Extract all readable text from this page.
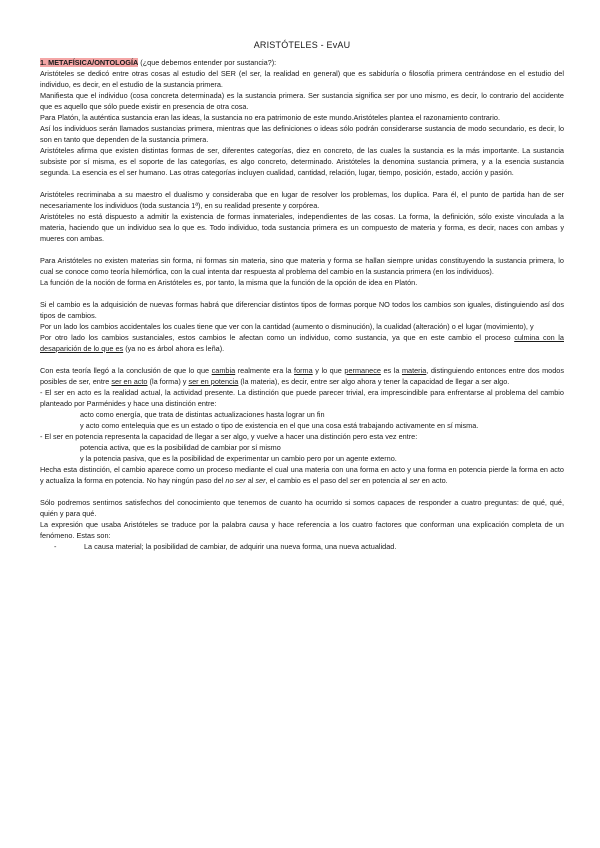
ARISTÓTELES - EvAU

1. METAFÍSICA/ONTOLOGÍA (¿que debemos entender por sustancia?):

Aristóteles se dedicó entre otras cosas al estudio del SER (el ser, la realidad en general) que es sabiduría o filosofía primera centrándose en el estudio del individuo, es decir, en el estudio de la sustancia primera.

Manifiesta que el individuo (cosa concreta determinada) es la sustancia primera. Ser sustancia significa ser por uno mismo, es decir, lo contrario del accidente que es aquello que sólo puede existir en presencia de otra cosa.

Para Platón, la auténtica sustancia eran las ideas, la sustancia no era patrimonio de este mundo.Aristóteles plantea el razonamiento contrario.

Así los individuos serán llamados sustancias primera, mientras que las definiciones o ideas sólo podrán considerarse sustancia de modo secundario, es decir, lo son en tanto que dependen de la sustancia primera.

Aristóteles afirma que existen distintas formas de ser, diferentes categorías, diez en concreto, de las cuales la sustancia es la más importante. La sustancia subsiste por sí misma, es el soporte de las categorías, es algo concreto, determinado. Aristóteles la denomina sustancia primera, y a la esencia sustancia segunda. La esencia es el ser humano. Las otras categorías incluyen cualidad, cantidad, relación, lugar, tiempo, posición, estado, acción y pasión.

Aristóteles recriminaba a su maestro el dualismo y consideraba que en lugar de resolver los problemas, los duplica. Para él, el punto de partida han de ser necesariamente los individuos (toda sustancia 1ª), en su realidad presente y corpórea.

Aristóteles no está dispuesto a admitir la existencia de formas inmateriales, independientes de las cosas. La forma, la definición, sólo existe vinculada a la materia, haciendo que un individuo sea lo que es. Todo individuo, toda sustancia primera es un compuesto de materia y forma, es decir, naces con ambas y mueres con ambas.

Para Aristóteles no existen materias sin forma, ni formas sin materia, sino que materia y forma se hallan siempre unidas constituyendo la sustancia primera, lo cual se conoce como teoría hilemórfica, con la cual intenta dar respuesta al problema del cambio en la sustancia primera (en los individuos).

La función de la noción de forma en Aristóteles es, por tanto, la misma que la función de la opción de idea en Platón.

Si el cambio es la adquisición de nuevas formas habrá que diferenciar distintos tipos de formas porque NO todos los cambios son iguales, distinguiendo así dos tipos de cambios.

Por un lado los cambios accidentales los cuales tiene que ver con la cantidad (aumento o disminución), la cualidad (alteración) o el lugar (movimiento), y

Por otro lado los cambios sustanciales, estos cambios le afectan como un individuo, como sustancia, ya que en este cambio el proceso culmina con la desaparición de lo que es (ya no es árbol ahora es leña).

Con esta teoría llegó a la conclusión de que lo que cambia realmente era la forma y lo que permanece es la materia, distinguiendo entonces entre dos modos posibles de ser, entre ser en acto (la forma) y ser en potencia (la materia), es decir, entre ser algo ahora y tener la capacidad de llegar a ser algo.

- El ser en acto es la realidad actual, la actividad presente. La distinción que puede parecer trivial, era imprescindible para enfrentarse al problema del cambio planteado por Parménides y hace una distinción entre:

acto como energía, que trata de distintas actualizaciones hasta lograr un fin

y acto como entelequia que es un estado o tipo de existencia en el que una cosa está trabajando activamente en sí misma.

- El ser en potencia representa la capacidad de llegar a ser algo, y vuelve a hacer una distinción pero esta vez entre:

potencia activa, que es la posibilidad de cambiar por sí mismo

y la potencia pasiva, que es la posibilidad de experimentar un cambio pero por un agente externo.

Hecha esta distinción, el cambio aparece como un proceso mediante el cual una materia con una forma en acto y una forma en potencia pierde la forma en acto y actualiza la forma en potencia. No hay ningún paso del no ser al ser, el cambio es el paso del ser en potencia al ser en acto.

Sólo podremos sentirnos satisfechos del conocimiento que tenemos de cuanto ha ocurrido si somos capaces de responder a cuatro preguntas: de qué, qué, quién y para qué.

La expresión que usaba Aristóteles se traduce por la palabra causa y hace referencia a los cuatro factores que conforman una explicación completa de un fenómeno. Estas son:

-	La causa material; la posibilidad de cambiar, de adquirir una nueva forma, una nueva actualidad.
